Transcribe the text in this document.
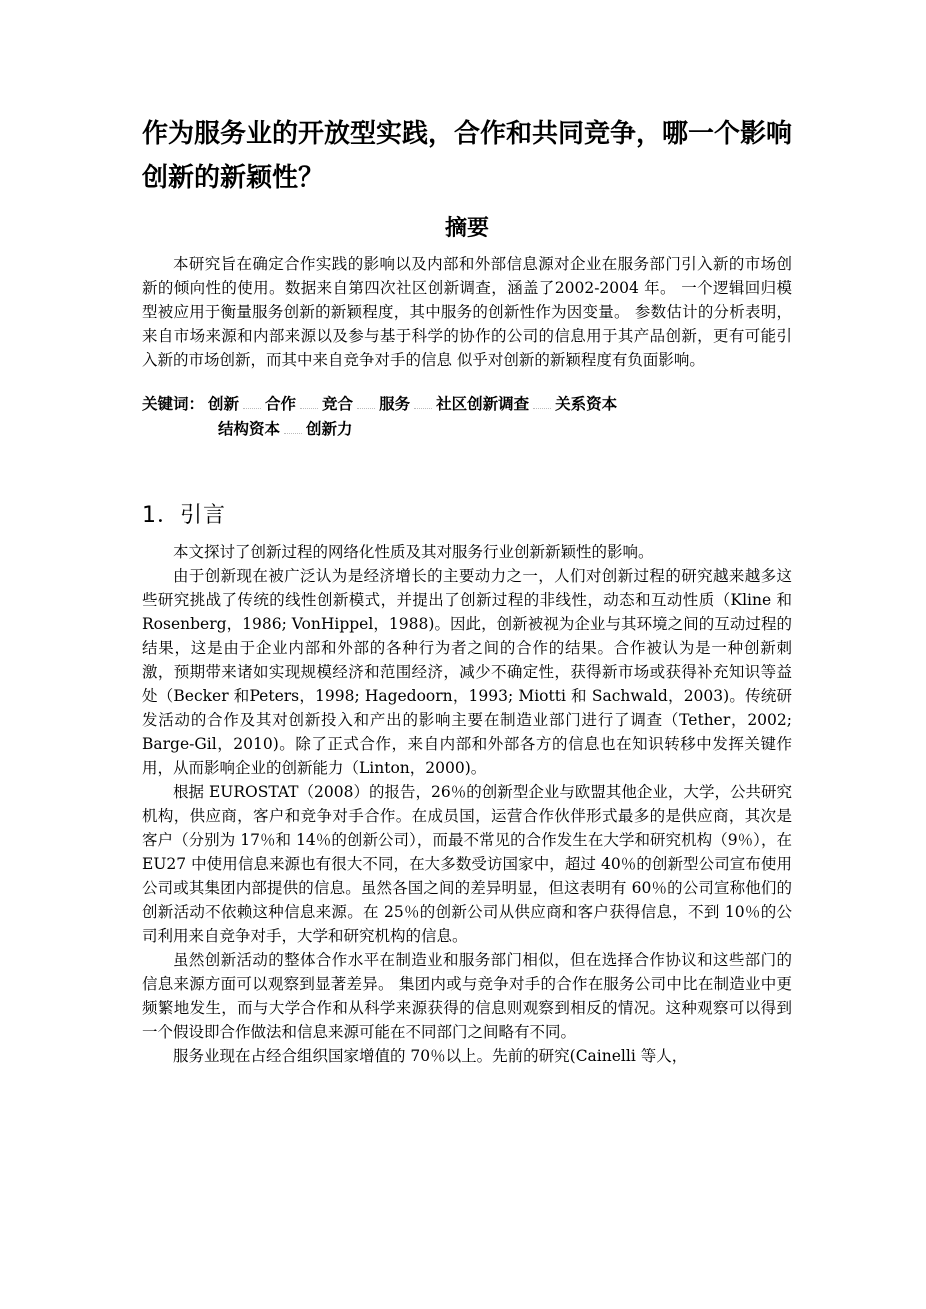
作为服务业的开放型实践，合作和共同竞争，哪一个影响创新的新颖性？
摘要

本研究旨在确定合作实践的影响以及内部和外部信息源对企业在服务部门引入新的市场创新的倾向性的使用。数据来自第四次社区创新调查，涵盖了2002-2004 年。 一个逻辑回归模型被应用于衡量服务创新的新颖程度，其中服务的创新性作为因变量。 参数估计的分析表明，来自市场来源和内部来源以及参与基于科学的协作的公司的信息用于其产品创新，更有可能引入新的市场创新，而其中来自竞争对手的信息 似乎对创新的新颖程度有负面影响。

关键词： 创新 合作 竞合 服务 社区创新调查 关系资本
结构资本 创新力
1．引言

本文探讨了创新过程的网络化性质及其对服务行业创新新颖性的影响。

由于创新现在被广泛认为是经济增长的主要动力之一，人们对创新过程的研究越来越多这些研究挑战了传统的线性创新模式，并提出了创新过程的非线性，动态和互动性质（Kline 和 Rosenberg，1986; VonHippel，1988)。因此，创新被视为企业与其环境之间的互动过程的结果，这是由于企业内部和外部的各种行为者之间的合作的结果。合作被认为是一种创新刺激，预期带来诸如实现规模经济和范围经济，减少不确定性，获得新市场或获得补充知识等益处（Becker 和Peters，1998; Hagedoorn，1993; Miotti 和 Sachwald，2003)。传统研发活动的合作及其对创新投入和产出的影响主要在制造业部门进行了调查（Tether，2002; Barge-Gil，2010)。除了正式合作，来自内部和外部各方的信息也在知识转移中发挥关键作用，从而影响企业的创新能力（Linton，2000)。

根据 EUROSTAT（2008）的报告，26％的创新型企业与欧盟其他企业，大学，公共研究机构，供应商，客户和竞争对手合作。在成员国，运营合作伙伴形式最多的是供应商，其次是客户（分别为 17％和 14％的创新公司），而最不常见的合作发生在大学和研究机构（9％），在 EU27 中使用信息来源也有很大不同，在大多数受访国家中，超过 40％的创新型公司宣布使用公司或其集团内部提供的信息。虽然各国之间的差异明显，但这表明有 60％的公司宣称他们的创新活动不依赖这种信息来源。在 25％的创新公司从供应商和客户获得信息，不到 10％的公司利用来自竞争对手，大学和研究机构的信息。

虽然创新活动的整体合作水平在制造业和服务部门相似，但在选择合作协议和这些部门的信息来源方面可以观察到显著差异。 集团内或与竞争对手的合作在服务公司中比在制造业中更频繁地发生，而与大学合作和从科学来源获得的信息则观察到相反的情况。这种观察可以得到一个假设即合作做法和信息来源可能在不同部门之间略有不同。

服务业现在占经合组织国家增值的 70％以上。先前的研究(Cainelli 等人，
